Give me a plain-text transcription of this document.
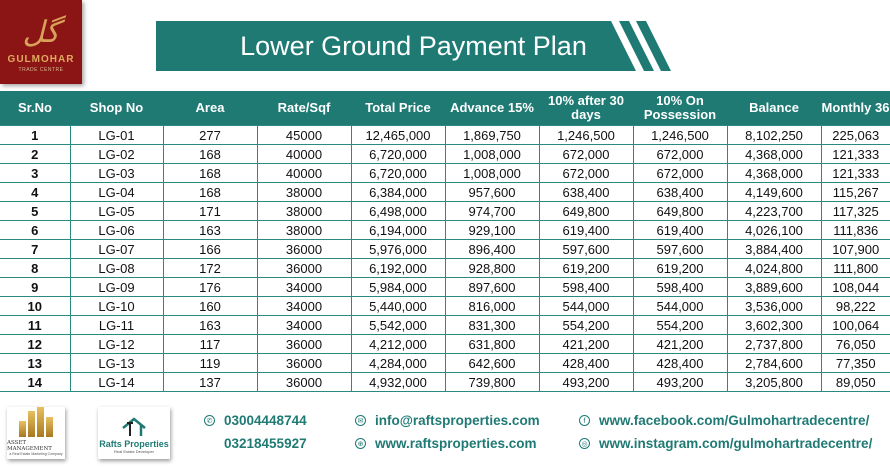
گل
GULMOHAR
TRADE CENTRE
Lower Ground Payment Plan
Sr.No	Shop No	Area	Rate/Sqf	Total Price	Advance 15%	10% after 30 days	10% On Possession	Balance	Monthly 36
1	LG-01	277	45000	12,465,000	1,869,750	1,246,500	1,246,500	8,102,250	225,063
2	LG-02	168	40000	6,720,000	1,008,000	672,000	672,000	4,368,000	121,333
3	LG-03	168	40000	6,720,000	1,008,000	672,000	672,000	4,368,000	121,333
4	LG-04	168	38000	6,384,000	957,600	638,400	638,400	4,149,600	115,267
5	LG-05	171	38000	6,498,000	974,700	649,800	649,800	4,223,700	117,325
6	LG-06	163	38000	6,194,000	929,100	619,400	619,400	4,026,100	111,836
7	LG-07	166	36000	5,976,000	896,400	597,600	597,600	3,884,400	107,900
8	LG-08	172	36000	6,192,000	928,800	619,200	619,200	4,024,800	111,800
9	LG-09	176	34000	5,984,000	897,600	598,400	598,400	3,889,600	108,044
10	LG-10	160	34000	5,440,000	816,000	544,000	544,000	3,536,000	98,222
11	LG-11	163	34000	5,542,000	831,300	554,200	554,200	3,602,300	100,064
12	LG-12	117	36000	4,212,000	631,800	421,200	421,200	2,737,800	76,050
13	LG-13	119	36000	4,284,000	642,600	428,400	428,400	2,784,600	77,350
14	LG-14	137	36000	4,932,000	739,800	493,200	493,200	3,205,800	89,050
ASSET MANAGEMENT
a Real Estate Marketing Company
Rafts Properties
Real Estate Developer
✆ 03004448744
03218455927
✉ info@raftsproperties.com
⊕ www.raftsproperties.com
f	www.facebook.com/Gulmohartradecentre/
◎ www.instagram.com/gulmohartradecentre/
